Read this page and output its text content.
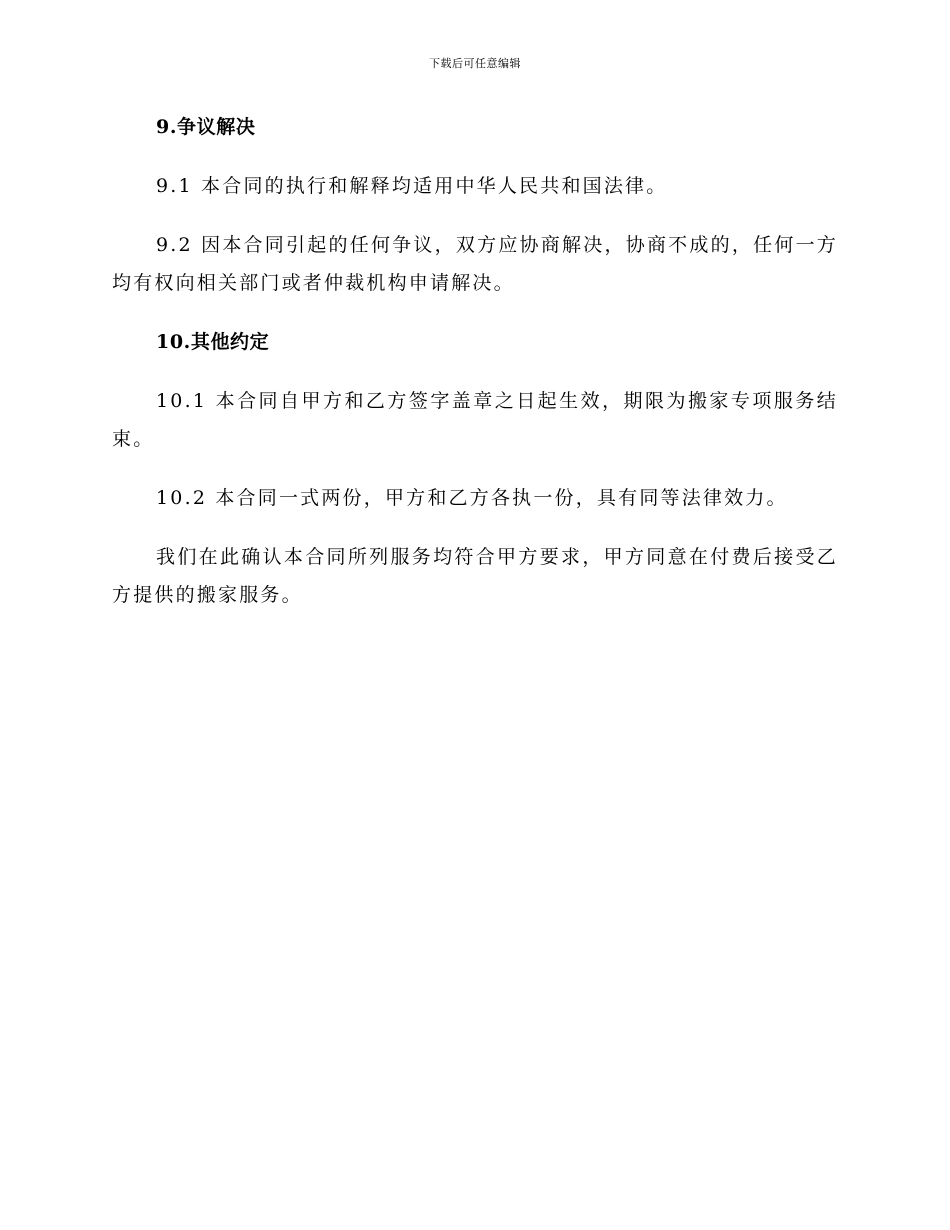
下载后可任意编辑
9.争议解决

9.1 本合同的执行和解释均适用中华人民共和国法律。

9.2 因本合同引起的任何争议，双方应协商解决，协商不成的，任何一方均有权向相关部门或者仲裁机构申请解决。

10.其他约定

10.1 本合同自甲方和乙方签字盖章之日起生效，期限为搬家专项服务结束。

10.2 本合同一式两份，甲方和乙方各执一份，具有同等法律效力。

我们在此确认本合同所列服务均符合甲方要求，甲方同意在付费后接受乙方提供的搬家服务。
